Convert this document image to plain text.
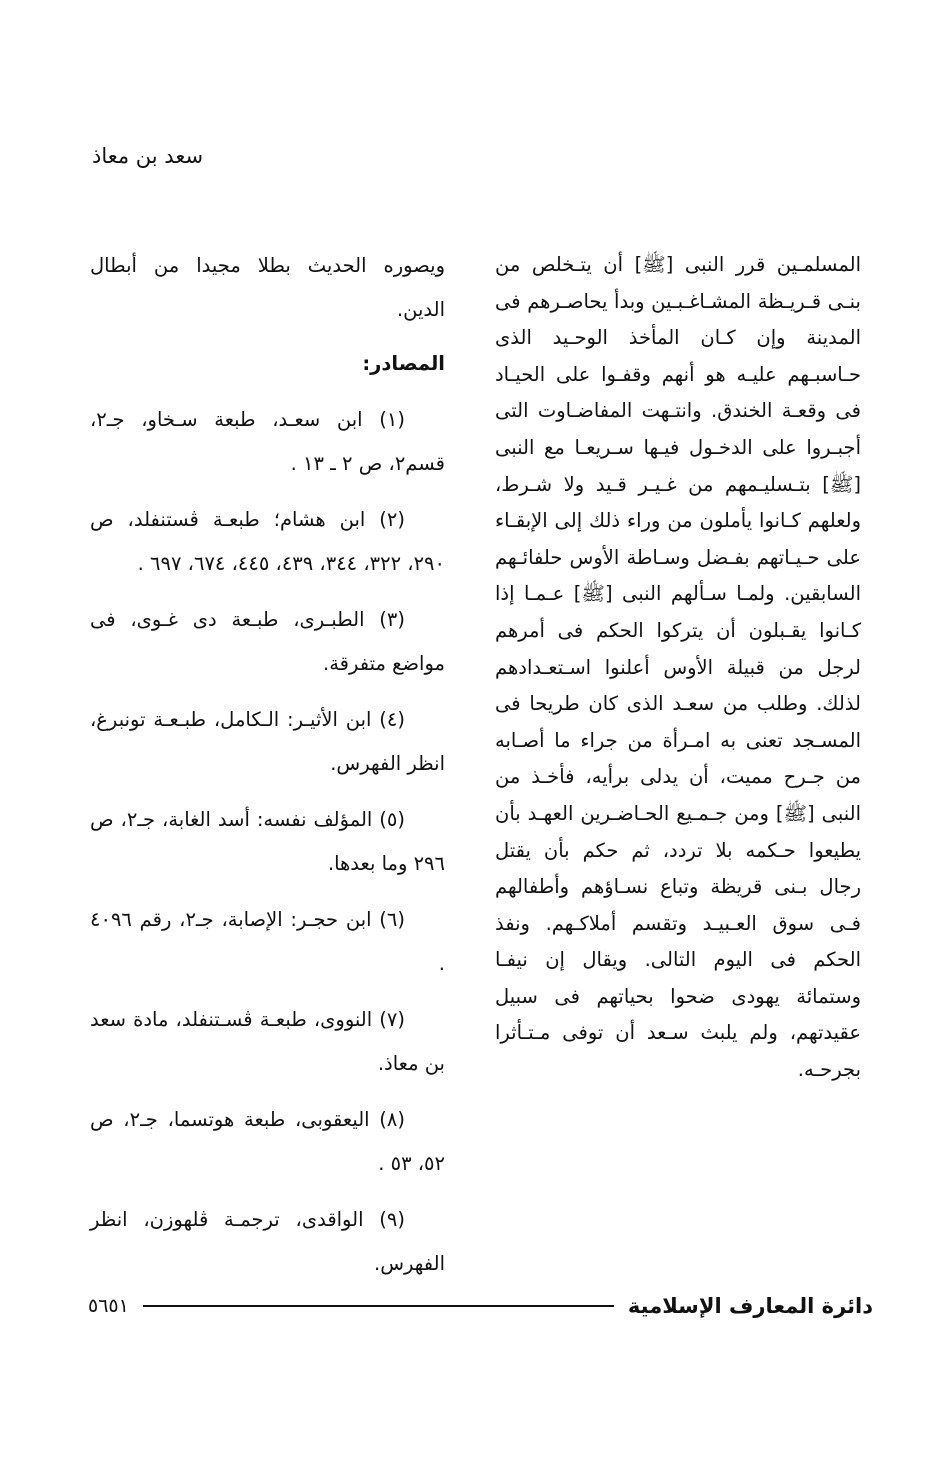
سعد بن معاذ
المسلمـين قرر النبى [ﷺ] أن يتـخلص من بنـى قـريـظة المشـاغـبـين وبدأ يحاصـرهم فى المدينة وإن كـان المأخذ الوحـيد الذى حـاسبـهم عليـه هو أنهم وقفـوا على الحيـاد فى وقعـة الخندق. وانتـهت المفاضـاوت التى أجبـروا على الدخـول فيـها سـريعـا مع النبى [ﷺ] بتـسليـمهم من غـيـر قـيد ولا شـرط، ولعلهم كـانوا يأملون من وراء ذلك إلى الإبقـاء على حـيـاتهم بفـضل وسـاطة الأوس حلفائـهم السابقين. ولمـا سـألهم النبى [ﷺ] عـمـا إذا كـانوا يقـبلون أن يتركوا الحكم فى أمرهم لرجل من قبيلة الأوس أعلنوا اسـتعـدادهم لذلك. وطلب من سعـد الذى كان طريحا فى المسـجد تعنى به امـرأة من جراء ما أصـابه من جـرح مميت، أن يدلى برأيه، فأخـذ من النبى [ﷺ] ومن جـمـيع الحـاضـرين العهـد بأن يطيعوا حـكمه بلا تردد، ثم حكم بأن يقتل رجال بـنى قريظة وتباع نسـاؤهم وأطفالهم فـى سوق العـبيـد وتقسم أملاكـهم. ونفذ الحكم فى اليوم التالى. ويقال إن نيفـا وستمائة يهودى ضحوا بحياتهم فى سبيل عقيدتهم، ولم يلبث سـعد أن توفى مـتـأثرا بجرحـه.

ويصوره الحديث بطلا مجيدا من أبطال الدين.

المصادر:

(١) ابن سعـد، طبعة سـخاو، جـ٢، قسم٢، ص ٢ ـ ١٣ .

(٢) ابن هشام؛ طبعـة ڤستنفلد، ص ٢٩٠، ٣٢٢، ٣٤٤، ٤٣٩، ٤٤٥، ٦٧٤، ٦٩٧ .

(٣) الطبـرى، طبـعة دى غـوى، فى مواضع متفرقة.

(٤) ابن الأثيـر: الـكامل، طبـعـة تونبرغ، انظر الفهرس.

(٥) المؤلف نفسه: أسد الغابة، جـ٢، ص ٢٩٦ وما بعدها.

(٦) ابن حجـر: الإصابة، جـ٢، رقم ٤٠٩٦ .

(٧) النووى، طبعـة ڤسـتنفلد، مادة سعد بن معاذ.

(٨) اليعقوبى، طبعة هوتسما، جـ٢، ص ٥٢، ٥٣ .

(٩) الواقدى، ترجمـة ڤلهوزن، انظر الفهرس.

دائرة المعارف الإسلامية
٥٦٥١
